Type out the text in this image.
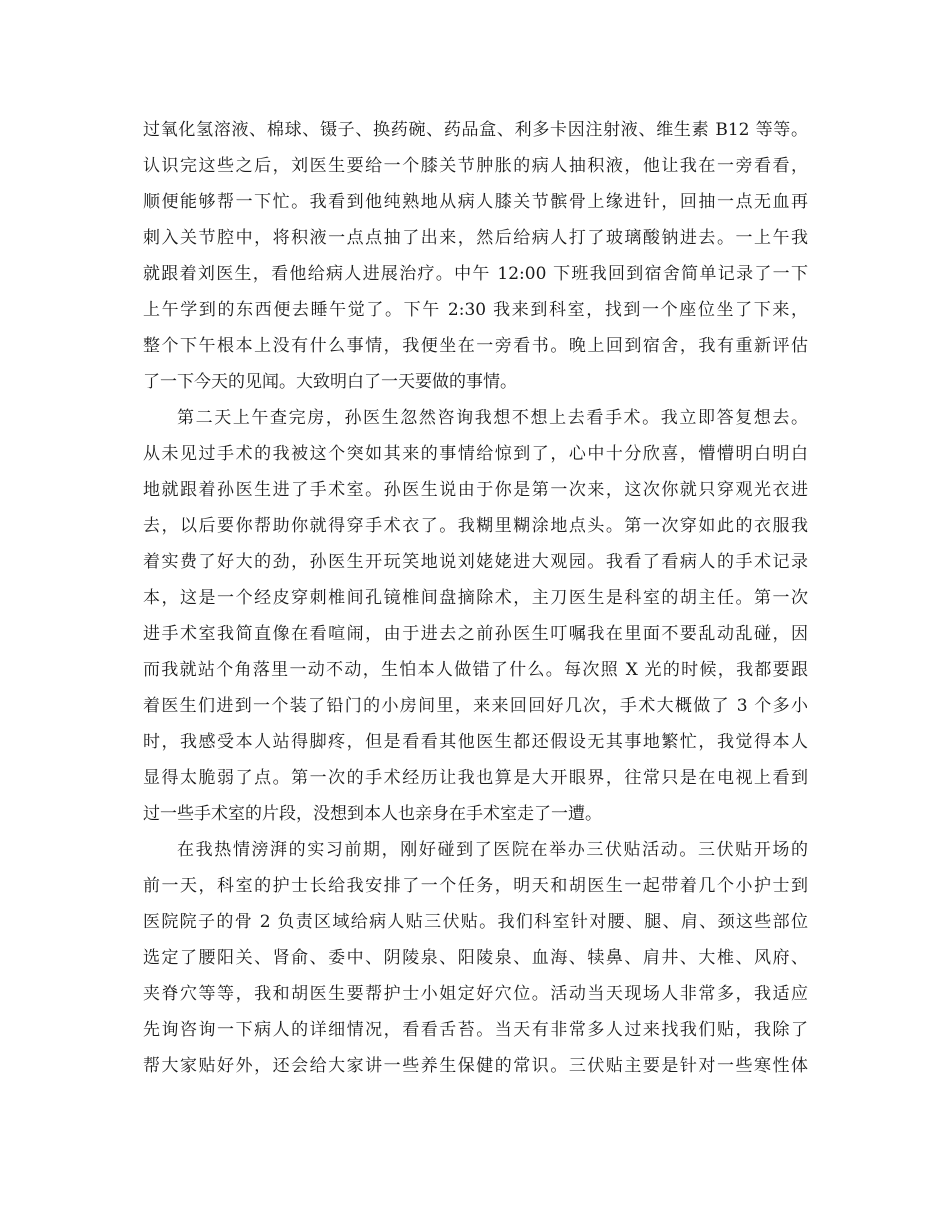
过氧化氢溶液、棉球、镊子、换药碗、药品盒、利多卡因注射液、维生素 B12 等等。
认识完这些之后，刘医生要给一个膝关节肿胀的病人抽积液，他让我在一旁看看，
顺便能够帮一下忙。我看到他纯熟地从病人膝关节髌骨上缘进针，回抽一点无血再
刺入关节腔中，将积液一点点抽了出来，然后给病人打了玻璃酸钠进去。一上午我
就跟着刘医生，看他给病人进展治疗。中午 12:00 下班我回到宿舍简单记录了一下
上午学到的东西便去睡午觉了。下午 2:30 我来到科室，找到一个座位坐了下来，
整个下午根本上没有什么事情，我便坐在一旁看书。晚上回到宿舍，我有重新评估
了一下今天的见闻。大致明白了一天要做的事情。
第二天上午查完房，孙医生忽然咨询我想不想上去看手术。我立即答复想去。
从未见过手术的我被这个突如其来的事情给惊到了，心中十分欣喜，懵懵明白明白
地就跟着孙医生进了手术室。孙医生说由于你是第一次来，这次你就只穿观光衣进
去，以后要你帮助你就得穿手术衣了。我糊里糊涂地点头。第一次穿如此的衣服我
着实费了好大的劲，孙医生开玩笑地说刘姥姥进大观园。我看了看病人的手术记录
本，这是一个经皮穿刺椎间孔镜椎间盘摘除术，主刀医生是科室的胡主任。第一次
进手术室我简直像在看喧闹，由于进去之前孙医生叮嘱我在里面不要乱动乱碰，因
而我就站个角落里一动不动，生怕本人做错了什么。每次照 X 光的时候，我都要跟
着医生们进到一个装了铅门的小房间里，来来回回好几次，手术大概做了 3 个多小
时，我感受本人站得脚疼，但是看看其他医生都还假设无其事地繁忙，我觉得本人
显得太脆弱了点。第一次的手术经历让我也算是大开眼界，往常只是在电视上看到
过一些手术室的片段，没想到本人也亲身在手术室走了一遭。
在我热情滂湃的实习前期，刚好碰到了医院在举办三伏贴活动。三伏贴开场的
前一天，科室的护士长给我安排了一个任务，明天和胡医生一起带着几个小护士到
医院院子的骨 2 负责区域给病人贴三伏贴。我们科室针对腰、腿、肩、颈这些部位
选定了腰阳关、肾俞、委中、阴陵泉、阳陵泉、血海、犊鼻、肩井、大椎、风府、
夹脊穴等等，我和胡医生要帮护士小姐定好穴位。活动当天现场人非常多，我适应
先询咨询一下病人的详细情况，看看舌苔。当天有非常多人过来找我们贴，我除了
帮大家贴好外，还会给大家讲一些养生保健的常识。三伏贴主要是针对一些寒性体
